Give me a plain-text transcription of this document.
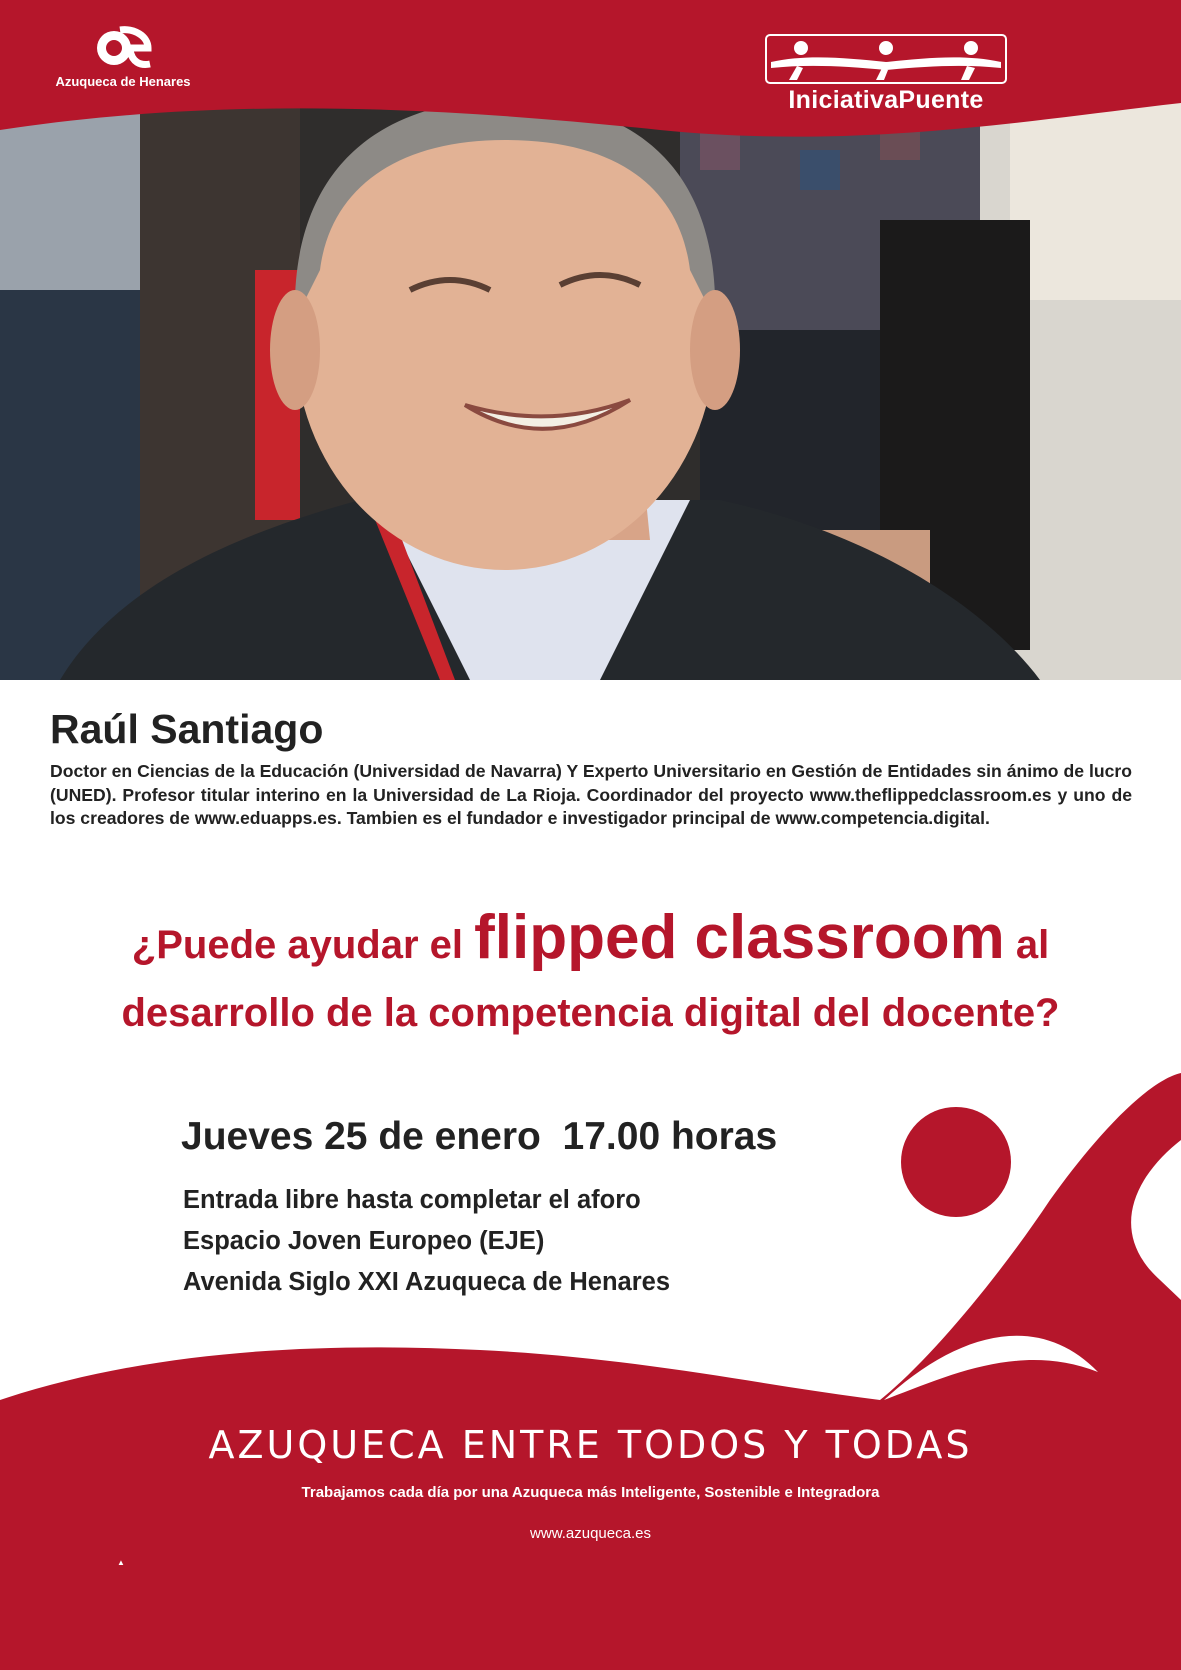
Azuqueca de Henares
IniciativaPuente
Raúl Santiago

Doctor en Ciencias de la Educación (Universidad de Navarra) Y Experto Universitario en Gestión de Entidades sin ánimo de lucro (UNED). Profesor titular interino en la Universidad de La Rioja. Coordinador del proyecto www.theflippedclassroom.es y uno de los creadores de www.eduapps.es. Tambien es el fundador e investigador principal de www.competencia.digital.

¿Puede ayudar el flipped classroom al
desarrollo de la competencia digital del docente?

Jueves 25 de enero  17.00 horas

Entrada libre hasta completar el aforo
Espacio Joven Europeo (EJE)
Avenida Siglo XXI Azuqueca de Henares

AZUQUECA ENTRE TODOS Y TODAS

Trabajamos cada día por una Azuqueca más Inteligente, Sostenible e Integradora

www.azuqueca.es

▲
